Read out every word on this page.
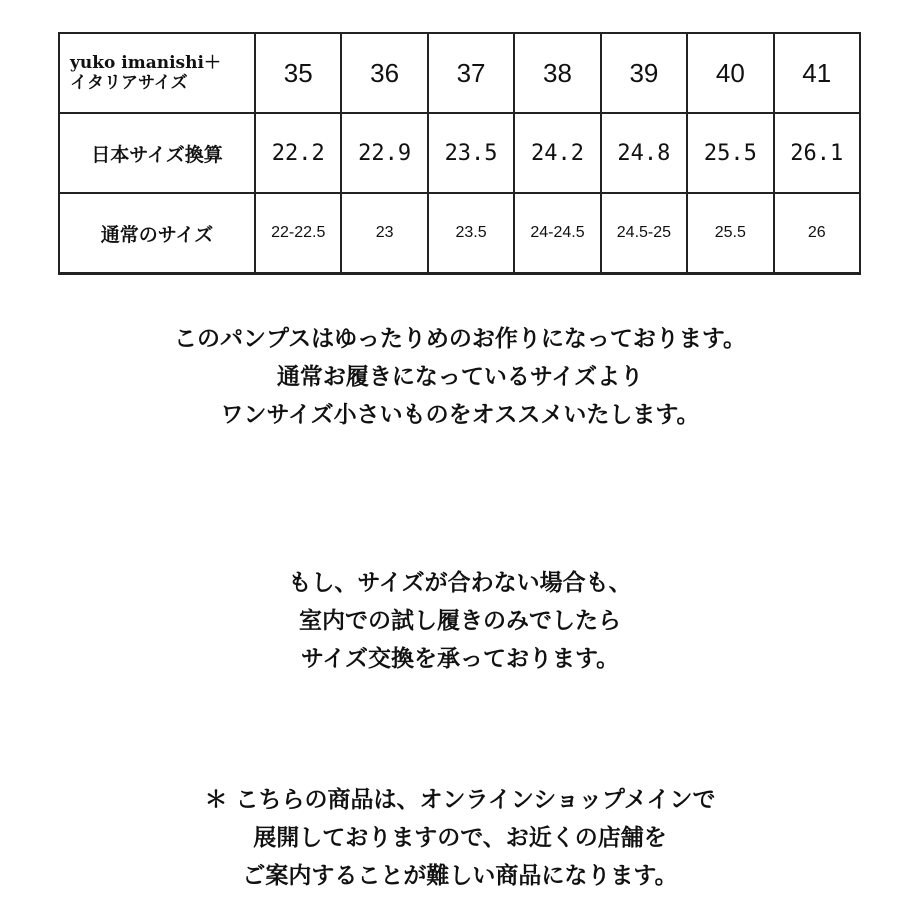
yuko imanishi＋
イタリアサイズ	35	36	37	38	39	40	41
日本サイズ換算	22.2	22.9	23.5	24.2	24.8	25.5	26.1
通常のサイズ	22-22.5	23	23.5	24-24.5	24.5-25	25.5	26
このパンプスはゆったりめのお作りになっております。
通常お履きになっているサイズより
ワンサイズ小さいものをオススメいたします。
もし、サイズが合わない場合も、
室内での試し履きのみでしたら
サイズ交換を承っております。
＊ こちらの商品は、オンラインショップメインで
展開しておりますので、お近くの店舗を
ご案内することが難しい商品になります。
